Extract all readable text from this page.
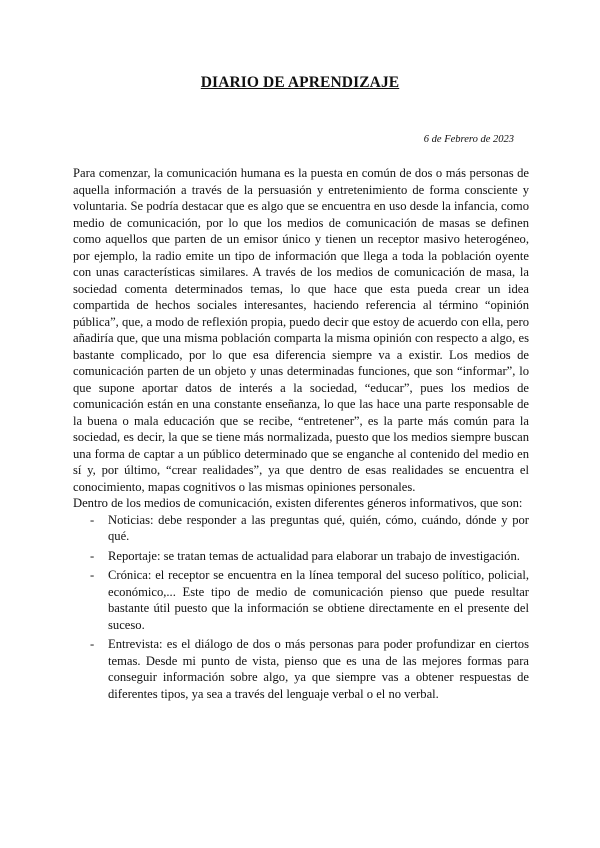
DIARIO DE APRENDIZAJE
6 de Febrero de 2023

Para comenzar, la comunicación humana es la puesta en común de dos o más personas de aquella información a través de la persuasión y entretenimiento de forma consciente y voluntaria. Se podría destacar que es algo que se encuentra en uso desde la infancia, como medio de comunicación, por lo que los medios de comunicación de masas se definen como aquellos que parten de un emisor único y tienen un receptor masivo heterogéneo, por ejemplo, la radio emite un tipo de información que llega a toda la población oyente con unas características similares. A través de los medios de comunicación de masa, la sociedad comenta determinados temas, lo que hace que esta pueda crear un idea compartida de hechos sociales interesantes, haciendo referencia al término “opinión pública”, que, a modo de reflexión propia, puedo decir que estoy de acuerdo con ella, pero añadiría que, que una misma población comparta la misma opinión con respecto a algo, es bastante complicado, por lo que esa diferencia siempre va a existir. Los medios de comunicación parten de un objeto y unas determinadas funciones, que son “informar”, lo que supone aportar datos de interés a la sociedad, “educar”, pues los medios de comunicación están en una constante enseñanza, lo que las hace una parte responsable de la buena o mala educación que se recibe, “entretener”, es la parte más común para la sociedad, es decir, la que se tiene más normalizada, puesto que los medios siempre buscan una forma de captar a un público determinado que se enganche al contenido del medio en sí y, por último, “crear realidades”, ya que dentro de esas realidades se encuentra el conocimiento, mapas cognitivos o las mismas opiniones personales.

Dentro de los medios de comunicación, existen diferentes géneros informativos, que son:

- Noticias: debe responder a las preguntas qué, quién, cómo, cuándo, dónde y por qué.
- Reportaje: se tratan temas de actualidad para elaborar un trabajo de investigación.
- Crónica: el receptor se encuentra en la línea temporal del suceso político, policial, económico,... Este tipo de medio de comunicación pienso que puede resultar bastante útil puesto que la información se obtiene directamente en el presente del suceso.
- Entrevista: es el diálogo de dos o más personas para poder profundizar en ciertos temas. Desde mi punto de vista, pienso que es una de las mejores formas para conseguir información sobre algo, ya que siempre vas a obtener respuestas de diferentes tipos, ya sea a través del lenguaje verbal o el no verbal.
